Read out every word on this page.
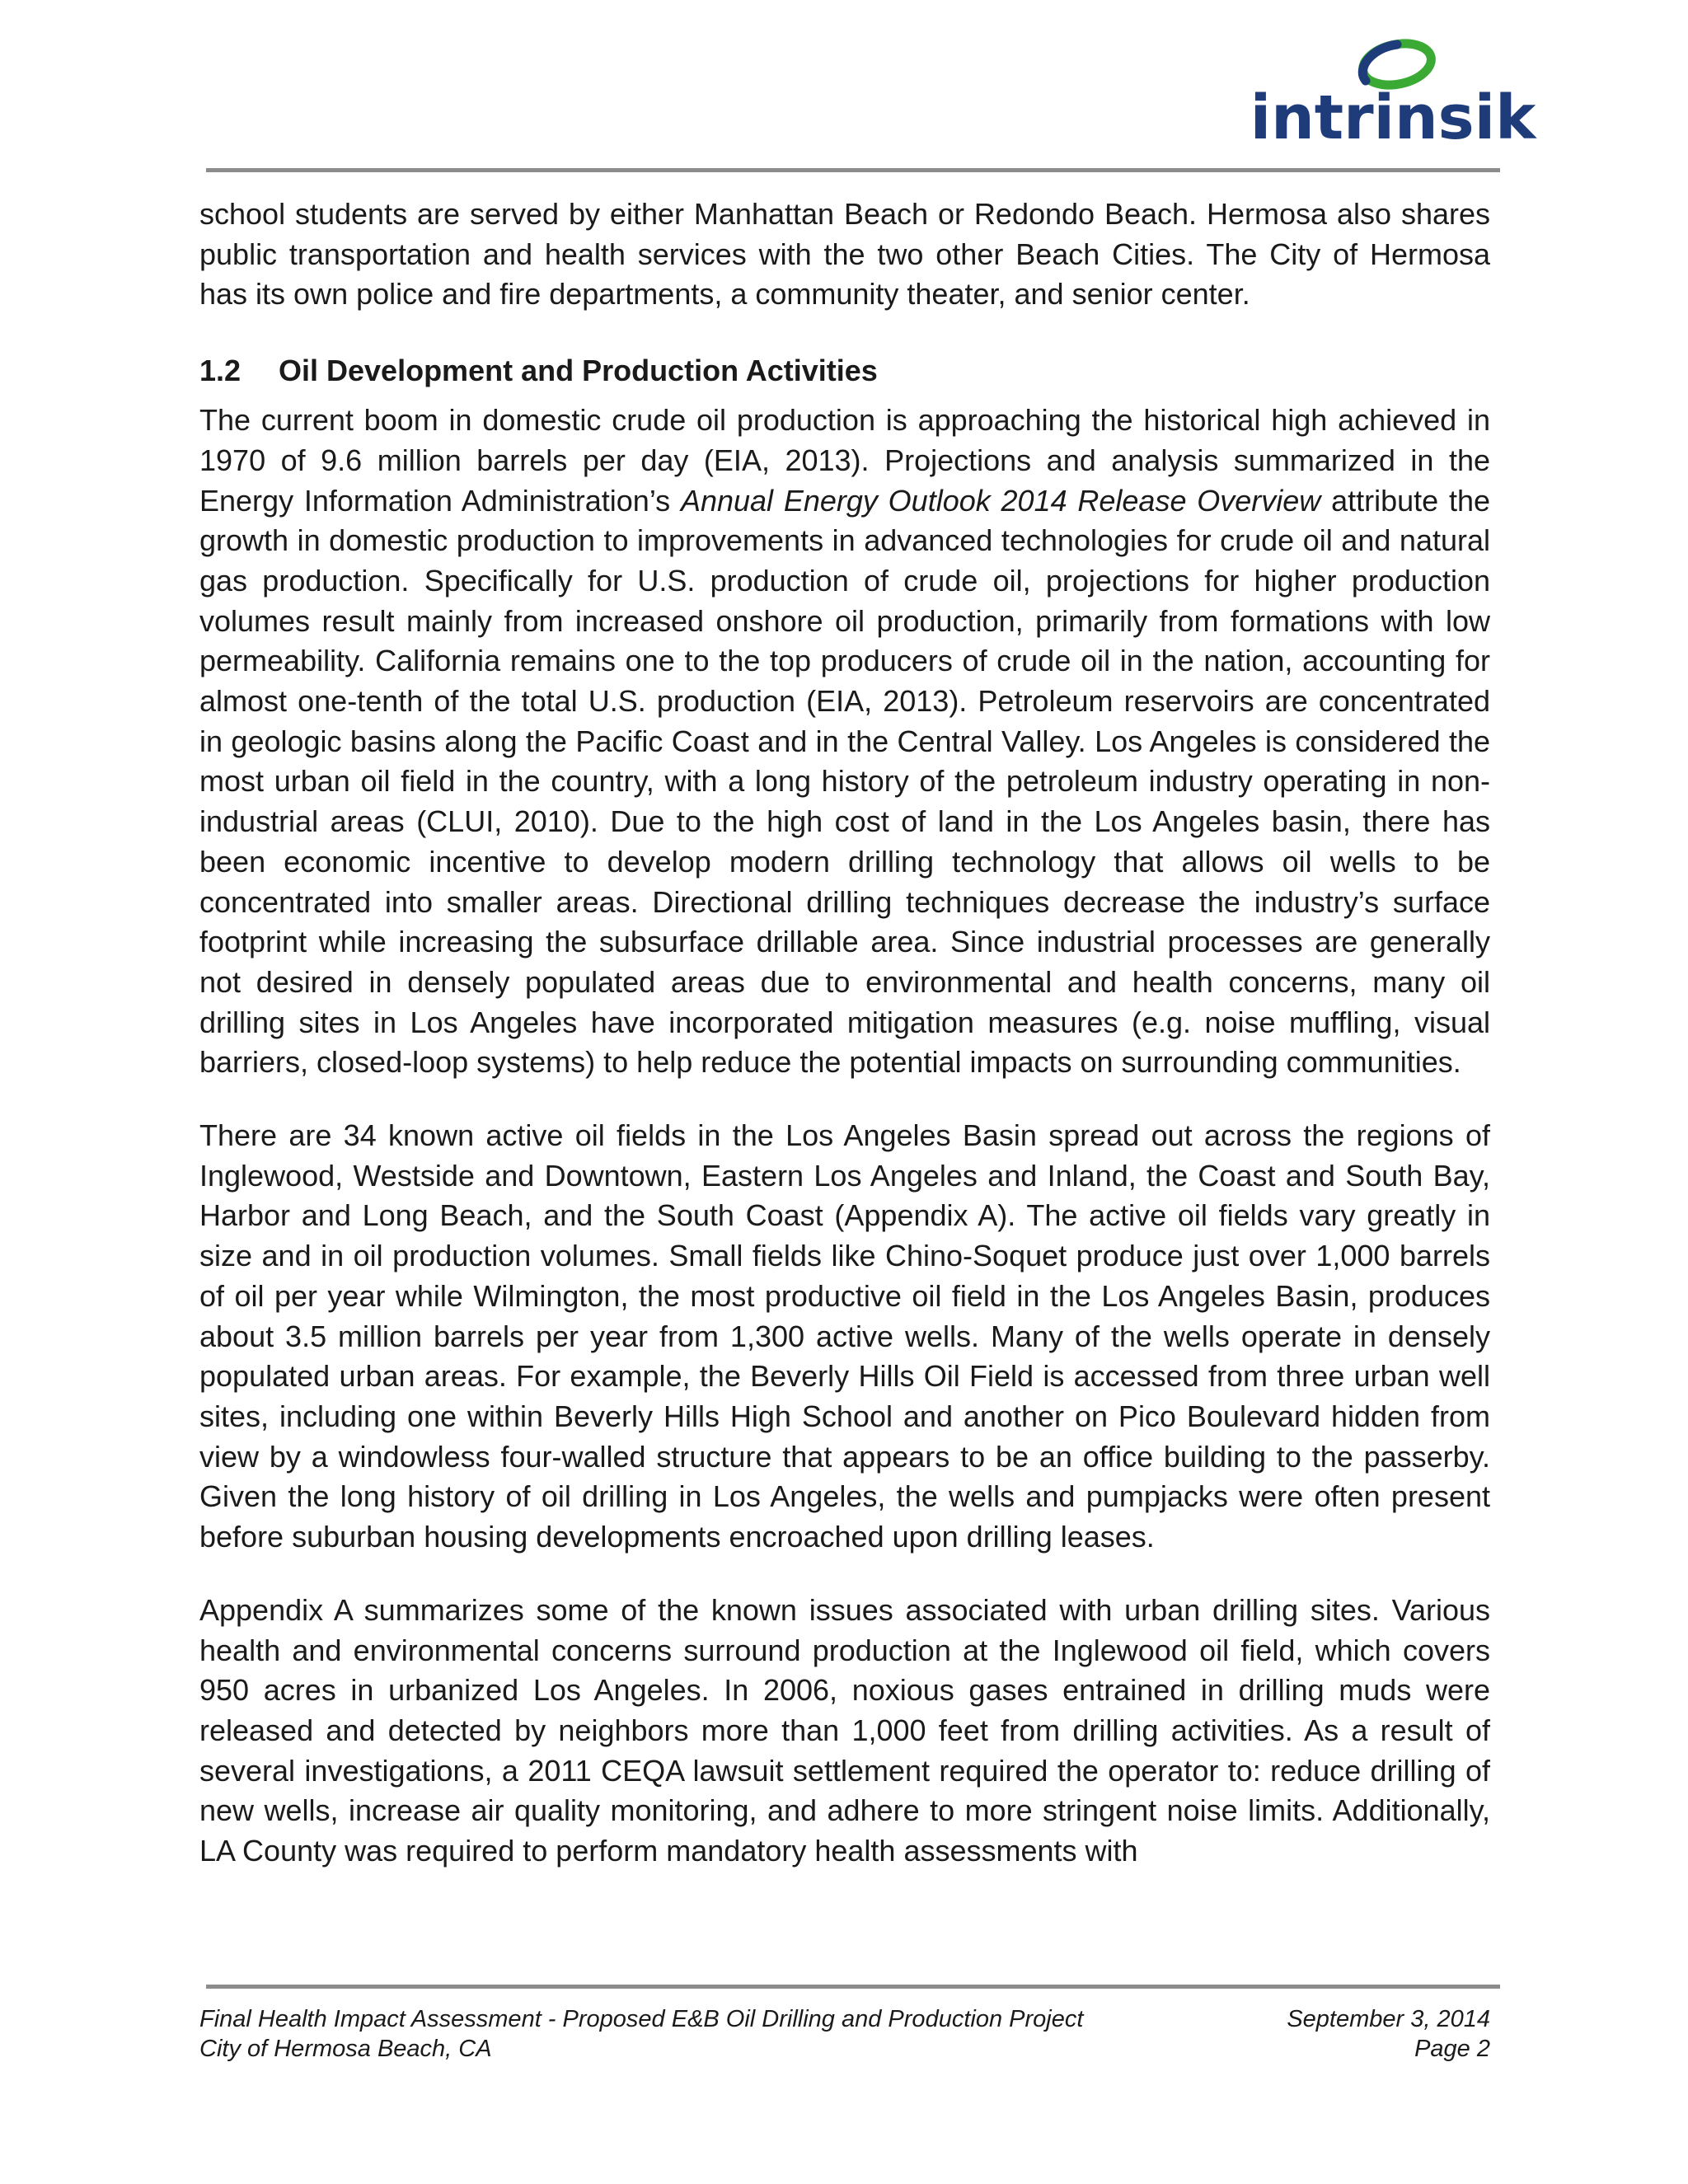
intrinsik

school students are served by either Manhattan Beach or Redondo Beach. Hermosa also shares public transportation and health services with the two other Beach Cities. The City of Hermosa has its own police and fire departments, a community theater, and senior center.

1.2 Oil Development and Production Activities

The current boom in domestic crude oil production is approaching the historical high achieved in 1970 of 9.6 million barrels per day (EIA, 2013). Projections and analysis summarized in the Energy Information Administration’s Annual Energy Outlook 2014 Release Overview attribute the growth in domestic production to improvements in advanced technologies for crude oil and natural gas production. Specifically for U.S. production of crude oil, projections for higher production volumes result mainly from increased onshore oil production, primarily from formations with low permeability. California remains one to the top producers of crude oil in the nation, accounting for almost one-tenth of the total U.S. production (EIA, 2013). Petroleum reservoirs are concentrated in geologic basins along the Pacific Coast and in the Central Valley. Los Angeles is considered the most urban oil field in the country, with a long history of the petroleum industry operating in non-industrial areas (CLUI, 2010). Due to the high cost of land in the Los Angeles basin, there has been economic incentive to develop modern drilling technology that allows oil wells to be concentrated into smaller areas. Directional drilling techniques decrease the industry’s surface footprint while increasing the subsurface drillable area. Since industrial processes are generally not desired in densely populated areas due to environmental and health concerns, many oil drilling sites in Los Angeles have incorporated mitigation measures (e.g. noise muffling, visual barriers, closed-loop systems) to help reduce the potential impacts on surrounding communities.

There are 34 known active oil fields in the Los Angeles Basin spread out across the regions of Inglewood, Westside and Downtown, Eastern Los Angeles and Inland, the Coast and South Bay, Harbor and Long Beach, and the South Coast (Appendix A). The active oil fields vary greatly in size and in oil production volumes. Small fields like Chino-Soquet produce just over 1,000 barrels of oil per year while Wilmington, the most productive oil field in the Los Angeles Basin, produces about 3.5 million barrels per year from 1,300 active wells. Many of the wells operate in densely populated urban areas. For example, the Beverly Hills Oil Field is accessed from three urban well sites, including one within Beverly Hills High School and another on Pico Boulevard hidden from view by a windowless four-walled structure that appears to be an office building to the passerby. Given the long history of oil drilling in Los Angeles, the wells and pumpjacks were often present before suburban housing developments encroached upon drilling leases.

Appendix A summarizes some of the known issues associated with urban drilling sites. Various health and environmental concerns surround production at the Inglewood oil field, which covers 950 acres in urbanized Los Angeles. In 2006, noxious gases entrained in drilling muds were released and detected by neighbors more than 1,000 feet from drilling activities. As a result of several investigations, a 2011 CEQA lawsuit settlement required the operator to: reduce drilling of new wells, increase air quality monitoring, and adhere to more stringent noise limits. Additionally, LA County was required to perform mandatory health assessments with

Final Health Impact Assessment - Proposed E&B Oil Drilling and Production Project	September 3, 2014
City of Hermosa Beach, CA	Page 2
